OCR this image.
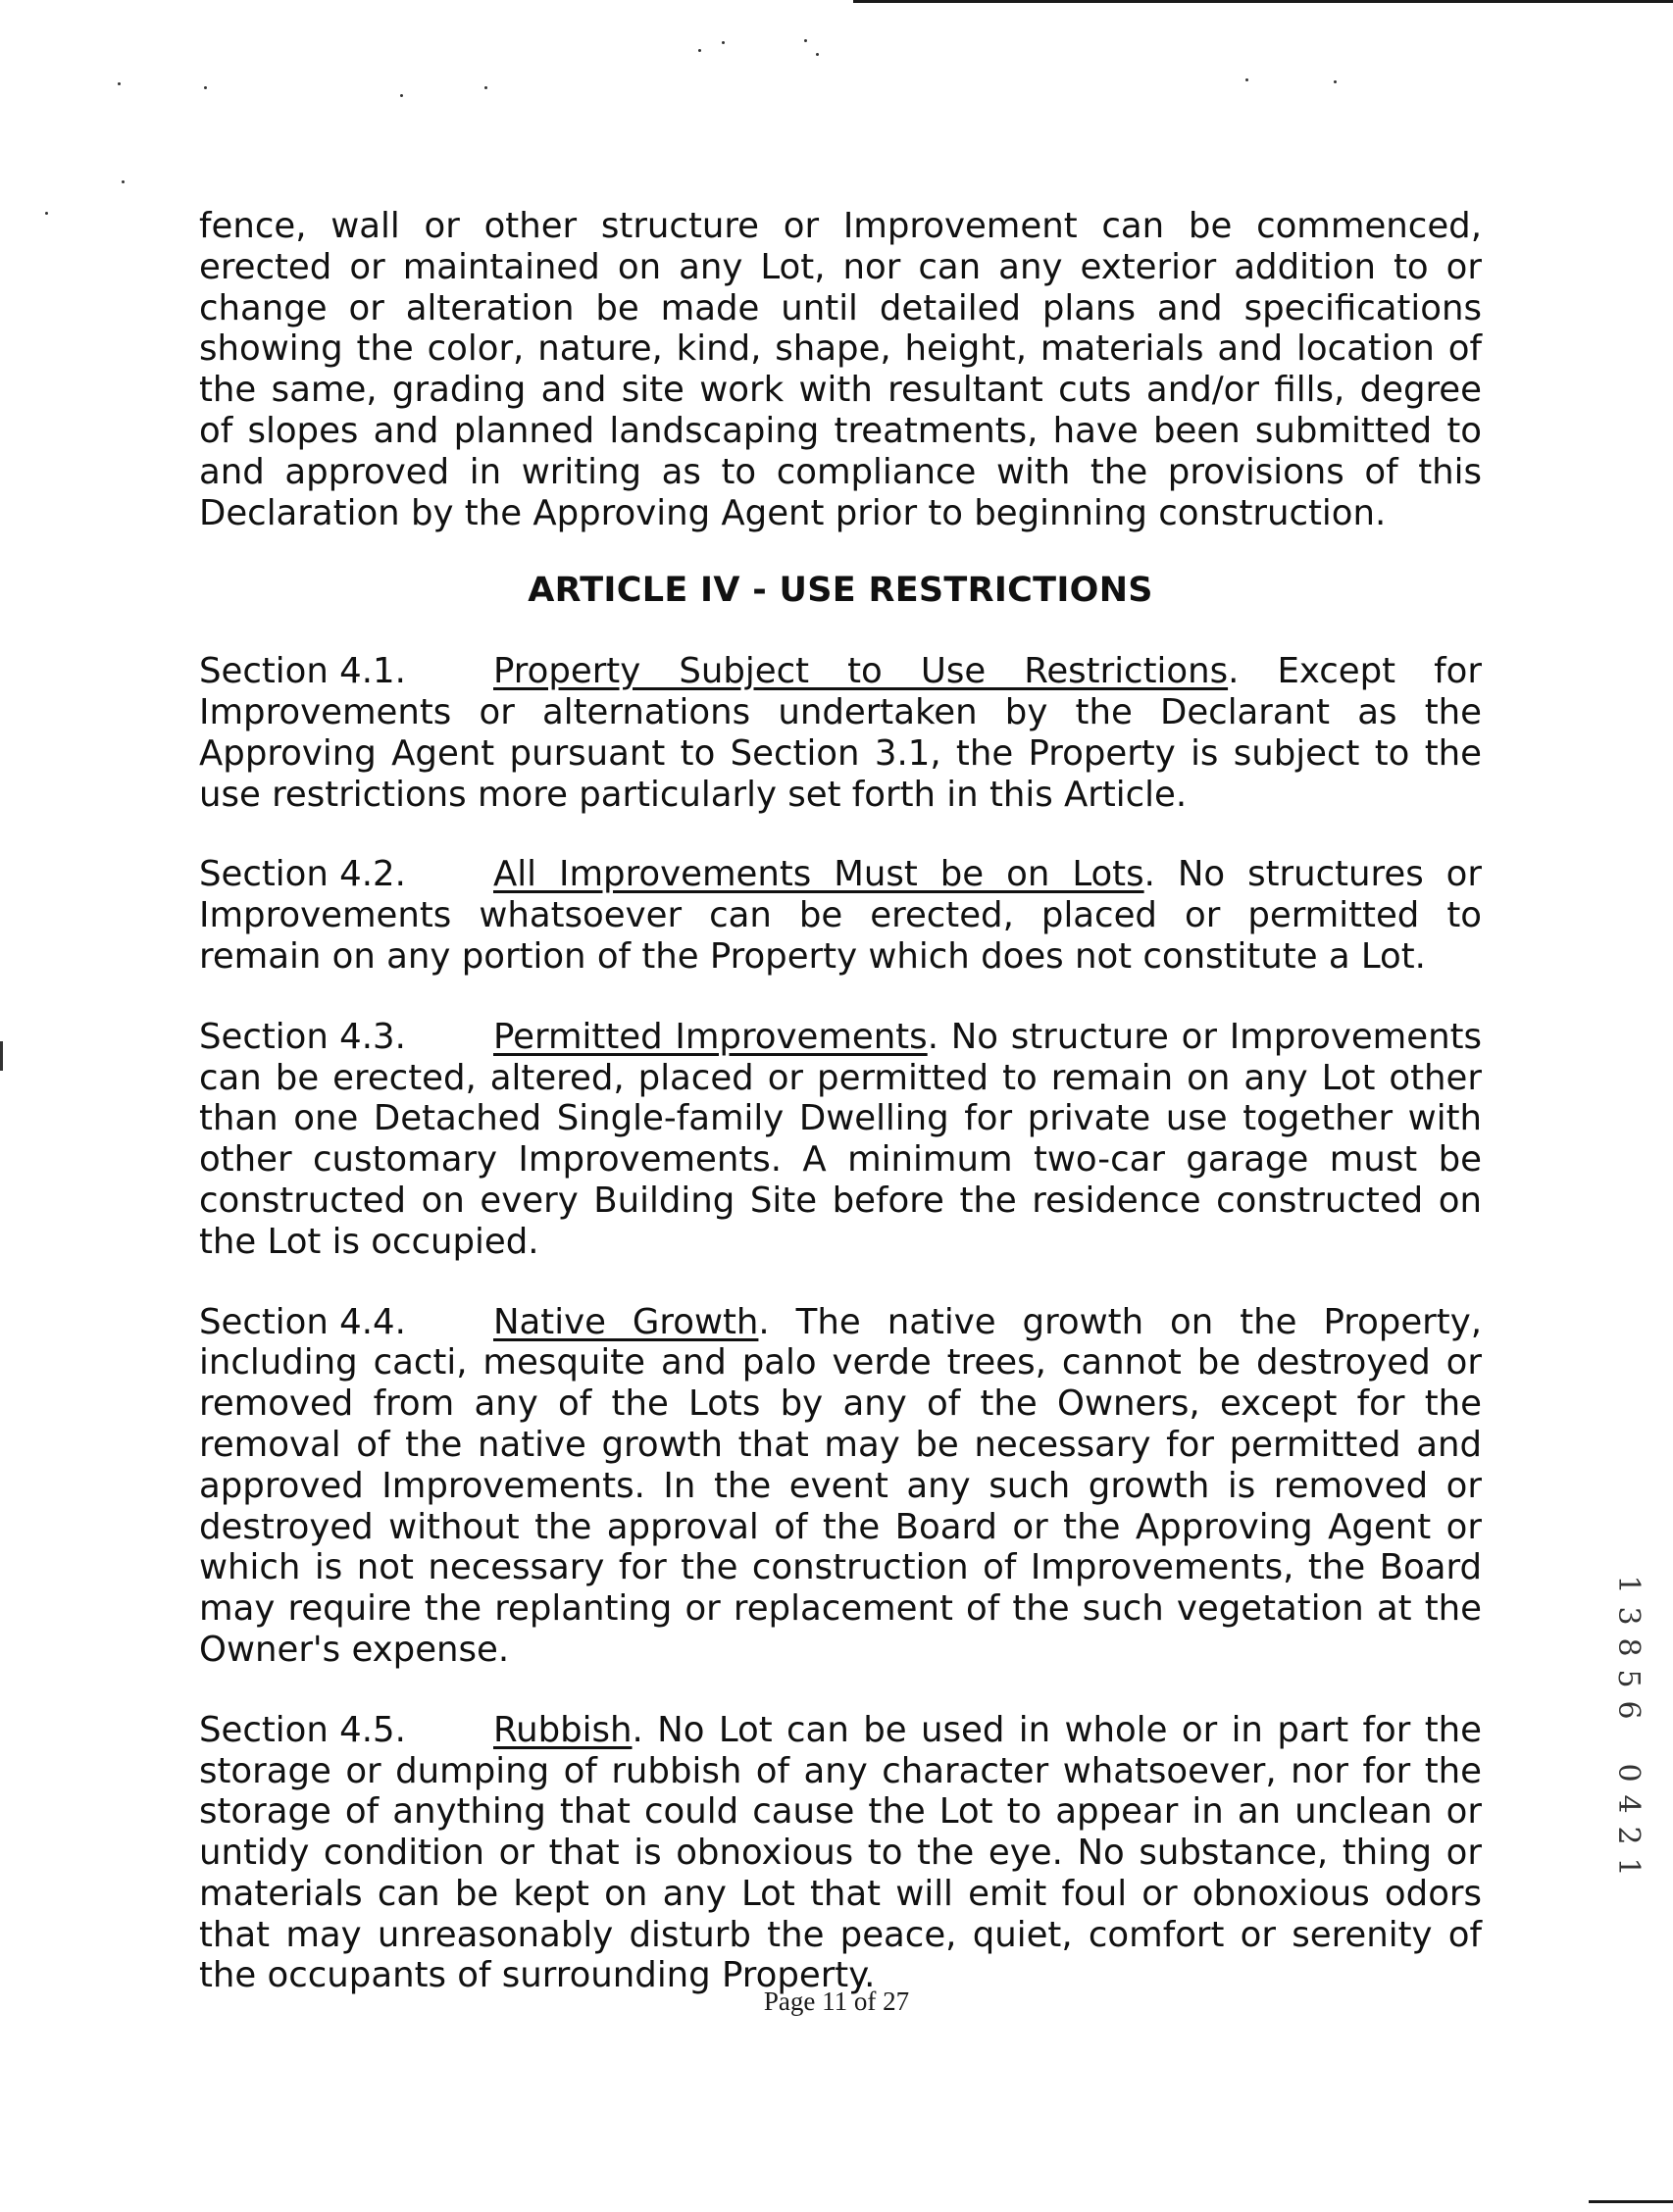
fence, wall or other structure or Improvement can be commenced, erected or maintained on any Lot, nor can any exterior addition to or change or alteration be made until detailed plans and specifications showing the color, nature, kind, shape, height, materials and location of the same, grading and site work with resultant cuts and/or fills, degree of slopes and planned landscaping treatments, have been submitted to and approved in writing as to compliance with the provisions of this Declaration by the Approving Agent prior to beginning construction.

ARTICLE IV - USE RESTRICTIONS

Section 4.1.	Property Subject to Use Restrictions. Except for Improvements or alternations undertaken by the Declarant as the Approving Agent pursuant to Section 3.1, the Property is subject to the use restrictions more particularly set forth in this Article.

Section 4.2.	All Improvements Must be on Lots. No structures or Improvements whatsoever can be erected, placed or permitted to remain on any portion of the Property which does not constitute a Lot.

Section 4.3.	Permitted Improvements. No structure or Improvements can be erected, altered, placed or permitted to remain on any Lot other than one Detached Single-family Dwelling for private use together with other customary Improvements. A minimum two-car garage must be constructed on every Building Site before the residence constructed on the Lot is occupied.

Section 4.4.	Native Growth. The native growth on the Property, including cacti, mesquite and palo verde trees, cannot be destroyed or removed from any of the Lots by any of the Owners, except for the removal of the native growth that may be necessary for permitted and approved Improvements. In the event any such growth is removed or destroyed without the approval of the Board or the Approving Agent or which is not necessary for the construction of Improvements, the Board may require the replanting or replacement of the such vegetation at the Owner's expense.

Section 4.5.	Rubbish. No Lot can be used in whole or in part for the storage or dumping of rubbish of any character whatsoever, nor for the storage of anything that could cause the Lot to appear in an unclean or untidy condition or that is obnoxious to the eye. No substance, thing or materials can be kept on any Lot that will emit foul or obnoxious odors that may unreasonably disturb the peace, quiet, comfort or serenity of the occupants of surrounding Property.

1
3
8
5
6

0
4
2
1
Page 11 of 27
